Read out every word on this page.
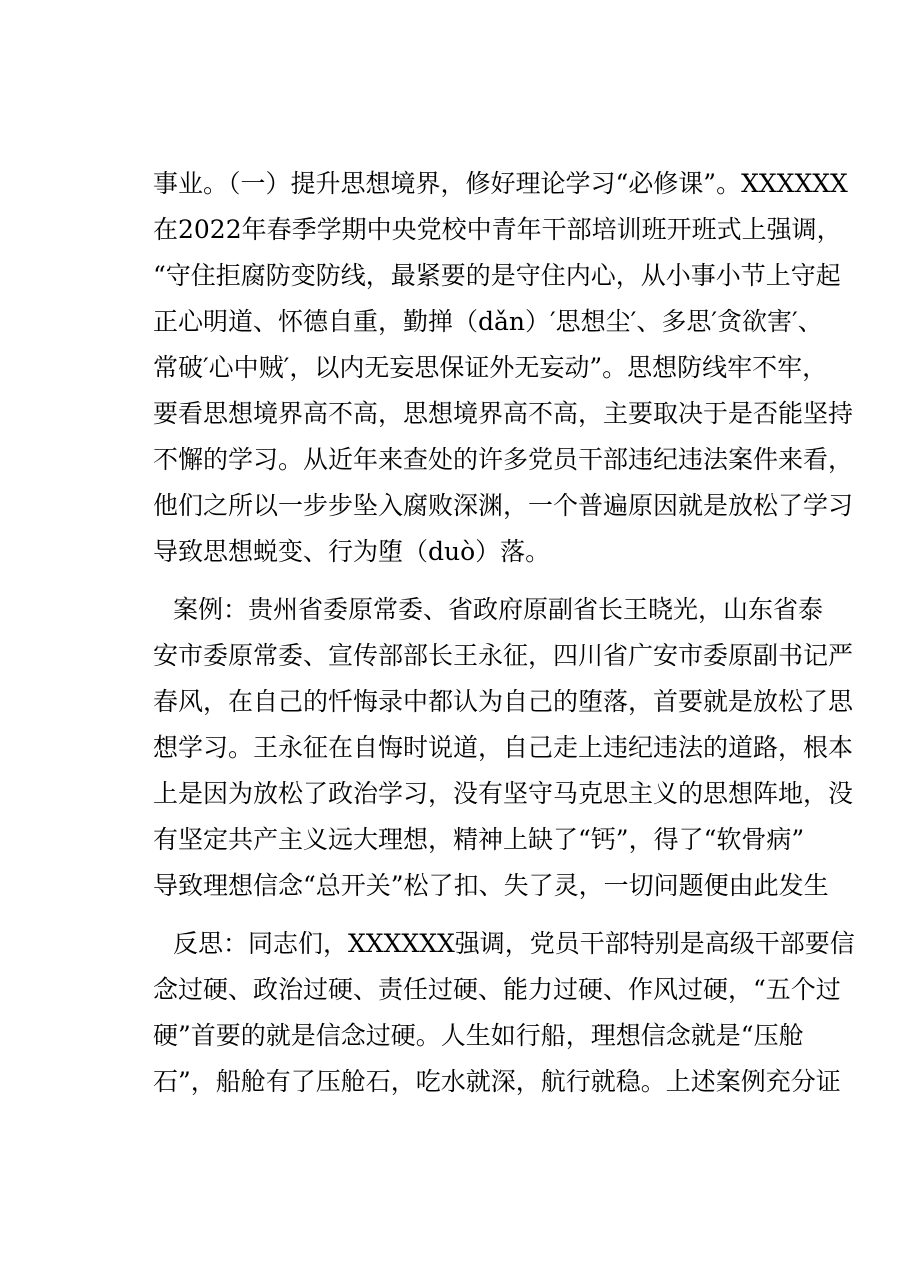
事业。（一）提升思想境界，修好理论学习“必修课”。XXXXXX
在2022年春季学期中央党校中青年干部培训班开班式上强调，
“守住拒腐防变防线，最紧要的是守住内心，从小事小节上守起
正心明道、怀德自重，勤掸（dǎn）′思想尘′、多思′贪欲害′、
常破′心中贼′，以内无妄思保证外无妄动”。思想防线牢不牢，
要看思想境界高不高，思想境界高不高，主要取决于是否能坚持
不懈的学习。从近年来查处的许多党员干部违纪违法案件来看，
他们之所以一步步坠入腐败深渊，一个普遍原因就是放松了学习
导致思想蜕变、行为堕（duò）落。
案例：贵州省委原常委、省政府原副省长王晓光，山东省泰
安市委原常委、宣传部部长王永征，四川省广安市委原副书记严
春风，在自己的忏悔录中都认为自己的堕落，首要就是放松了思
想学习。王永征在自悔时说道，自己走上违纪违法的道路，根本
上是因为放松了政治学习，没有坚守马克思主义的思想阵地，没
有坚定共产主义远大理想，精神上缺了“钙”，得了“软骨病”
导致理想信念“总开关”松了扣、失了灵，一切问题便由此发生
反思：同志们，XXXXXX强调，党员干部特别是高级干部要信
念过硬、政治过硬、责任过硬、能力过硬、作风过硬，“五个过
硬”首要的就是信念过硬。人生如行船，理想信念就是“压舱
石”，船舱有了压舱石，吃水就深，航行就稳。上述案例充分证
